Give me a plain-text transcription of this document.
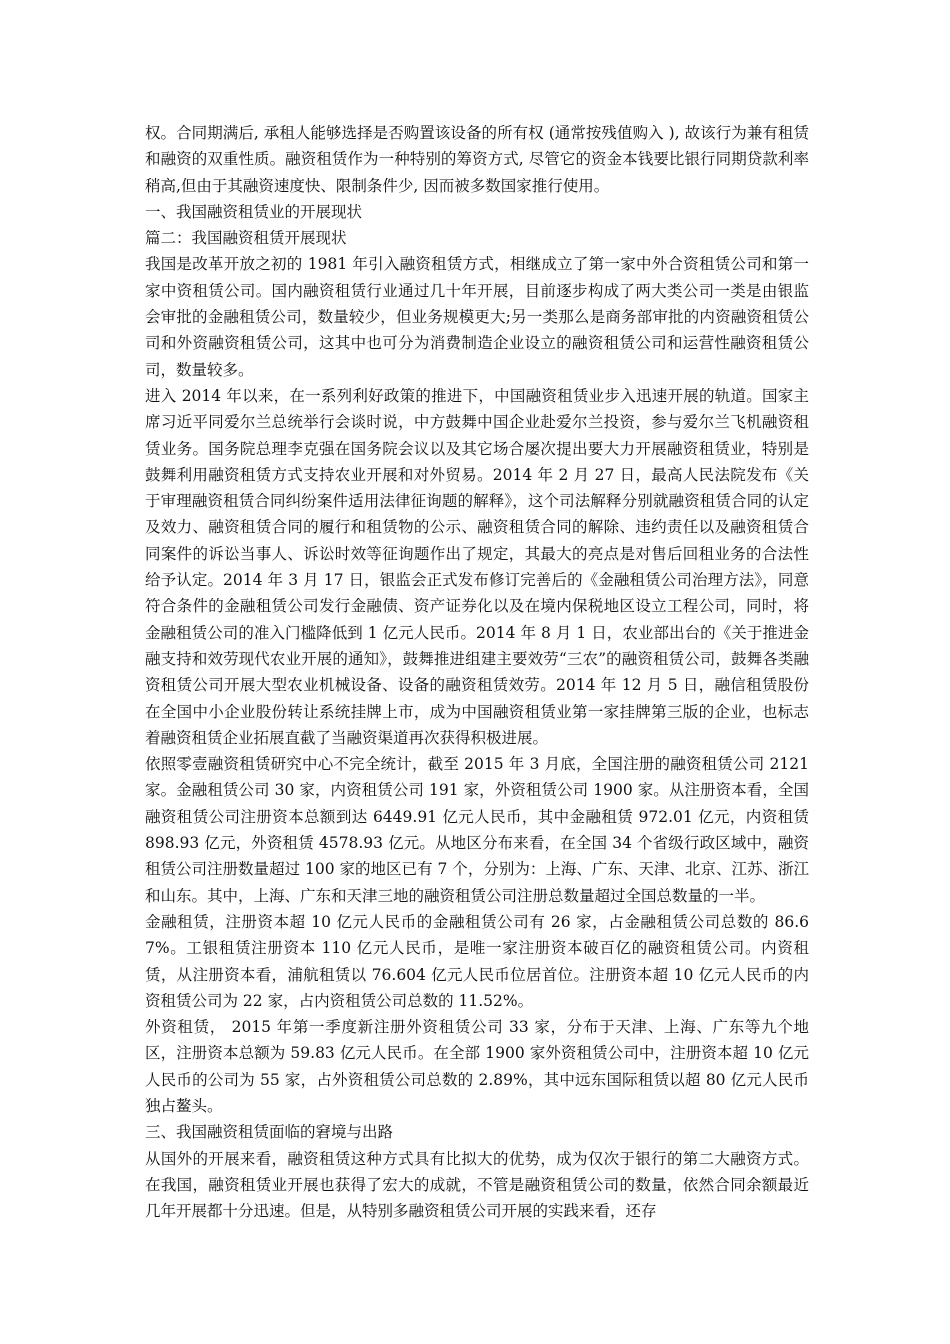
权。合同期满后, 承租人能够选择是否购置该设备的所有权 (通常按残值购入 ), 故该行为兼有租赁和融资的双重性质。融资租赁作为一种特别的筹资方式, 尽管它的资金本钱要比银行同期贷款利率稍高,但由于其融资速度快、限制条件少, 因而被多数国家推行使用。

一、我国融资租赁业的开展现状

篇二：我国融资租赁开展现状

我国是改革开放之初的 1981 年引入融资租赁方式，相继成立了第一家中外合资租赁公司和第一家中资租赁公司。国内融资租赁行业通过几十年开展，目前逐步构成了两大类公司一类是由银监会审批的金融租赁公司，数量较少，但业务规模更大;另一类那么是商务部审批的内资融资租赁公司和外资融资租赁公司，这其中也可分为消费制造企业设立的融资租赁公司和运营性融资租赁公司，数量较多。

进入 2014 年以来，在一系列利好政策的推进下，中国融资租赁业步入迅速开展的轨道。国家主席习近平同爱尔兰总统举行会谈时说，中方鼓舞中国企业赴爱尔兰投资，参与爱尔兰飞机融资租赁业务。国务院总理李克强在国务院会议以及其它场合屡次提出要大力开展融资租赁业，特别是鼓舞利用融资租赁方式支持农业开展和对外贸易。2014 年 2 月 27 日，最高人民法院发布《关于审理融资租赁合同纠纷案件适用法律征询题的解释》，这个司法解释分别就融资租赁合同的认定及效力、融资租赁合同的履行和租赁物的公示、融资租赁合同的解除、违约责任以及融资租赁合同案件的诉讼当事人、诉讼时效等征询题作出了规定，其最大的亮点是对售后回租业务的合法性给予认定。2014 年 3 月 17 日，银监会正式发布修订完善后的《金融租赁公司治理方法》，同意符合条件的金融租赁公司发行金融债、资产证券化以及在境内保税地区设立工程公司，同时，将金融租赁公司的准入门槛降低到 1 亿元人民币。2014 年 8 月 1 日，农业部出台的《关于推进金融支持和效劳现代农业开展的通知》，鼓舞推进组建主要效劳“三农”的融资租赁公司，鼓舞各类融资租赁公司开展大型农业机械设备、设备的融资租赁效劳。2014 年 12 月 5 日，融信租赁股份在全国中小企业股份转让系统挂牌上市，成为中国融资租赁业第一家挂牌第三版的企业，也标志着融资租赁企业拓展直截了当融资渠道再次获得积极进展。

依照零壹融资租赁研究中心不完全统计，截至 2015 年 3 月底，全国注册的融资租赁公司 2121 家。金融租赁公司 30 家，内资租赁公司 191 家，外资租赁公司 1900 家。从注册资本看，全国融资租赁公司注册资本总额到达 6449.91 亿元人民币，其中金融租赁 972.01 亿元，内资租赁 898.93 亿元，外资租赁 4578.93 亿元。从地区分布来看，在全国 34 个省级行政区域中，融资租赁公司注册数量超过 100 家的地区已有 7 个，分别为：上海、广东、天津、北京、江苏、浙江和山东。其中，上海、广东和天津三地的融资租赁公司注册总数量超过全国总数量的一半。

金融租赁，注册资本超 10 亿元人民币的金融租赁公司有 26 家，占金融租赁公司总数的 86.67%。工银租赁注册资本 110 亿元人民币，是唯一家注册资本破百亿的融资租赁公司。内资租赁，从注册资本看，浦航租赁以 76.604 亿元人民币位居首位。注册资本超 10 亿元人民币的内资租赁公司为 22 家，占内资租赁公司总数的 11.52%。

外资租赁， 2015 年第一季度新注册外资租赁公司 33 家，分布于天津、上海、广东等九个地区，注册资本总额为 59.83 亿元人民币。在全部 1900 家外资租赁公司中，注册资本超 10 亿元人民币的公司为 55 家，占外资租赁公司总数的 2.89%，其中远东国际租赁以超 80 亿元人民币独占鳌头。

三、我国融资租赁面临的窘境与出路

从国外的开展来看，融资租赁这种方式具有比拟大的优势，成为仅次于银行的第二大融资方式。在我国，融资租赁业开展也获得了宏大的成就，不管是融资租赁公司的数量，依然合同余额最近几年开展都十分迅速。但是，从特别多融资租赁公司开展的实践来看，还存
